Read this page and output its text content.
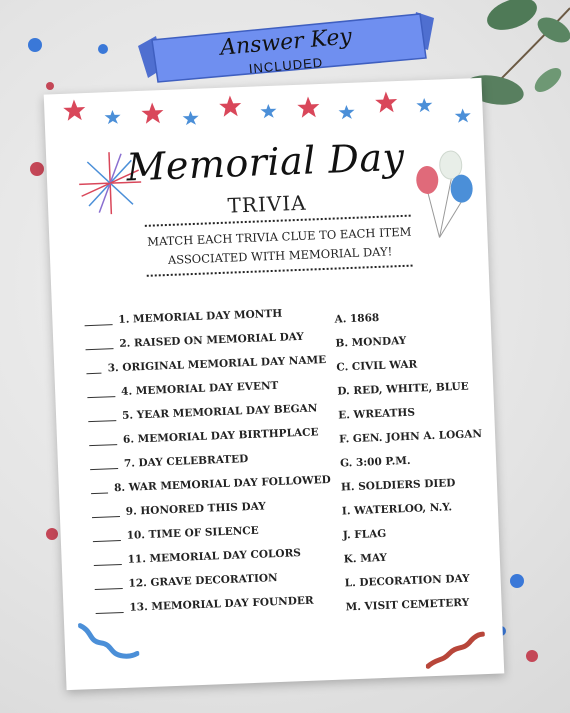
Memorial Day
TRIVIA
MATCH EACH TRIVIA CLUE TO EACH ITEM
ASSOCIATED WITH MEMORIAL DAY!
1. MEMORIAL DAY MONTH
2. RAISED ON MEMORIAL DAY
3. ORIGINAL MEMORIAL DAY NAME
4. MEMORIAL DAY EVENT
5. YEAR MEMORIAL DAY BEGAN
6. MEMORIAL DAY BIRTHPLACE
7. DAY CELEBRATED
8. WAR MEMORIAL DAY FOLLOWED
9. HONORED THIS DAY
10. TIME OF SILENCE
11. MEMORIAL DAY COLORS
12. GRAVE DECORATION
13. MEMORIAL DAY FOUNDER
A. 1868
B. MONDAY
C. CIVIL WAR
D. RED, WHITE, BLUE
E. WREATHS
F. GEN. JOHN A. LOGAN
G. 3:00 P.M.
H. SOLDIERS DIED
I. WATERLOO, N.Y.
J. FLAG
K. MAY
L. DECORATION DAY
M. VISIT CEMETERY
Answer Key
INCLUDED
